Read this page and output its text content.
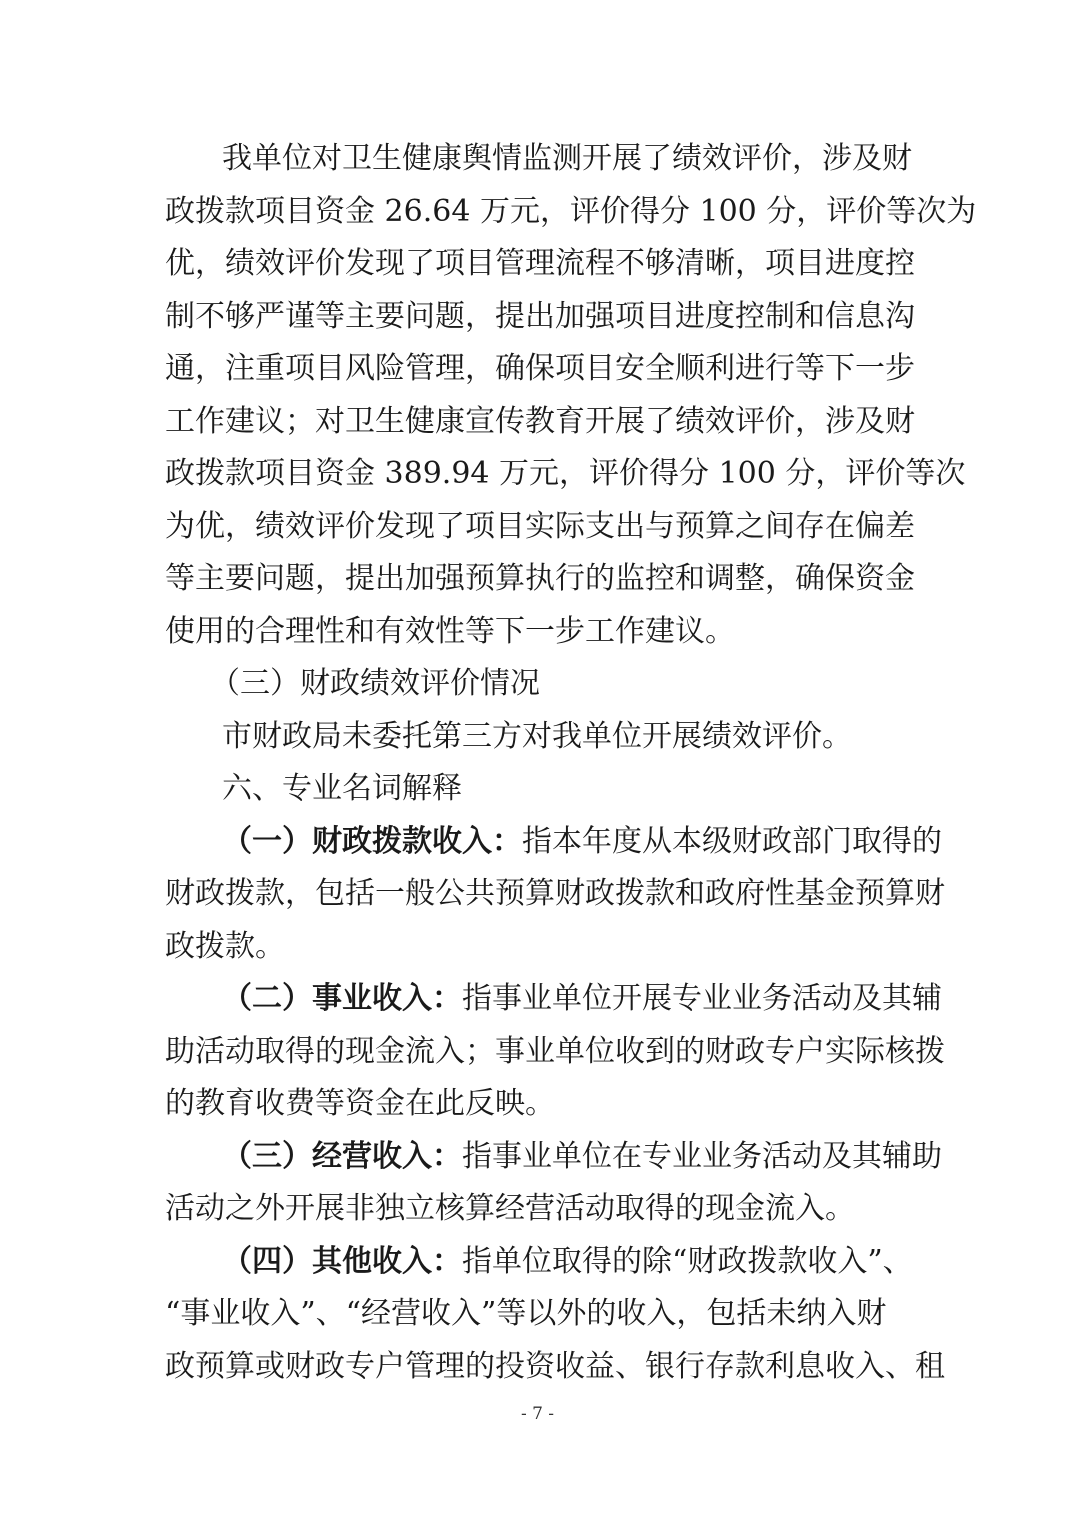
我单位对卫生健康舆情监测开展了绩效评价，涉及财
政拨款项目资金 26.64 万元，评价得分 100 分，评价等次为
优，绩效评价发现了项目管理流程不够清晰，项目进度控
制不够严谨等主要问题，提出加强项目进度控制和信息沟
通，注重项目风险管理，确保项目安全顺利进行等下一步
工作建议；对卫生健康宣传教育开展了绩效评价，涉及财
政拨款项目资金 389.94 万元，评价得分 100 分，评价等次
为优，绩效评价发现了项目实际支出与预算之间存在偏差
等主要问题，提出加强预算执行的监控和调整，确保资金
使用的合理性和有效性等下一步工作建议。
（三）财政绩效评价情况
市财政局未委托第三方对我单位开展绩效评价。
六、专业名词解释
（一）财政拨款收入：指本年度从本级财政部门取得的
财政拨款，包括一般公共预算财政拨款和政府性基金预算财
政拨款。
（二）事业收入：指事业单位开展专业业务活动及其辅
助活动取得的现金流入；事业单位收到的财政专户实际核拨
的教育收费等资金在此反映。
（三）经营收入：指事业单位在专业业务活动及其辅助
活动之外开展非独立核算经营活动取得的现金流入。
（四）其他收入：指单位取得的除“财政拨款收入”、
“事业收入”、“经营收入”等以外的收入，包括未纳入财
政预算或财政专户管理的投资收益、银行存款利息收入、租
- 7 -
